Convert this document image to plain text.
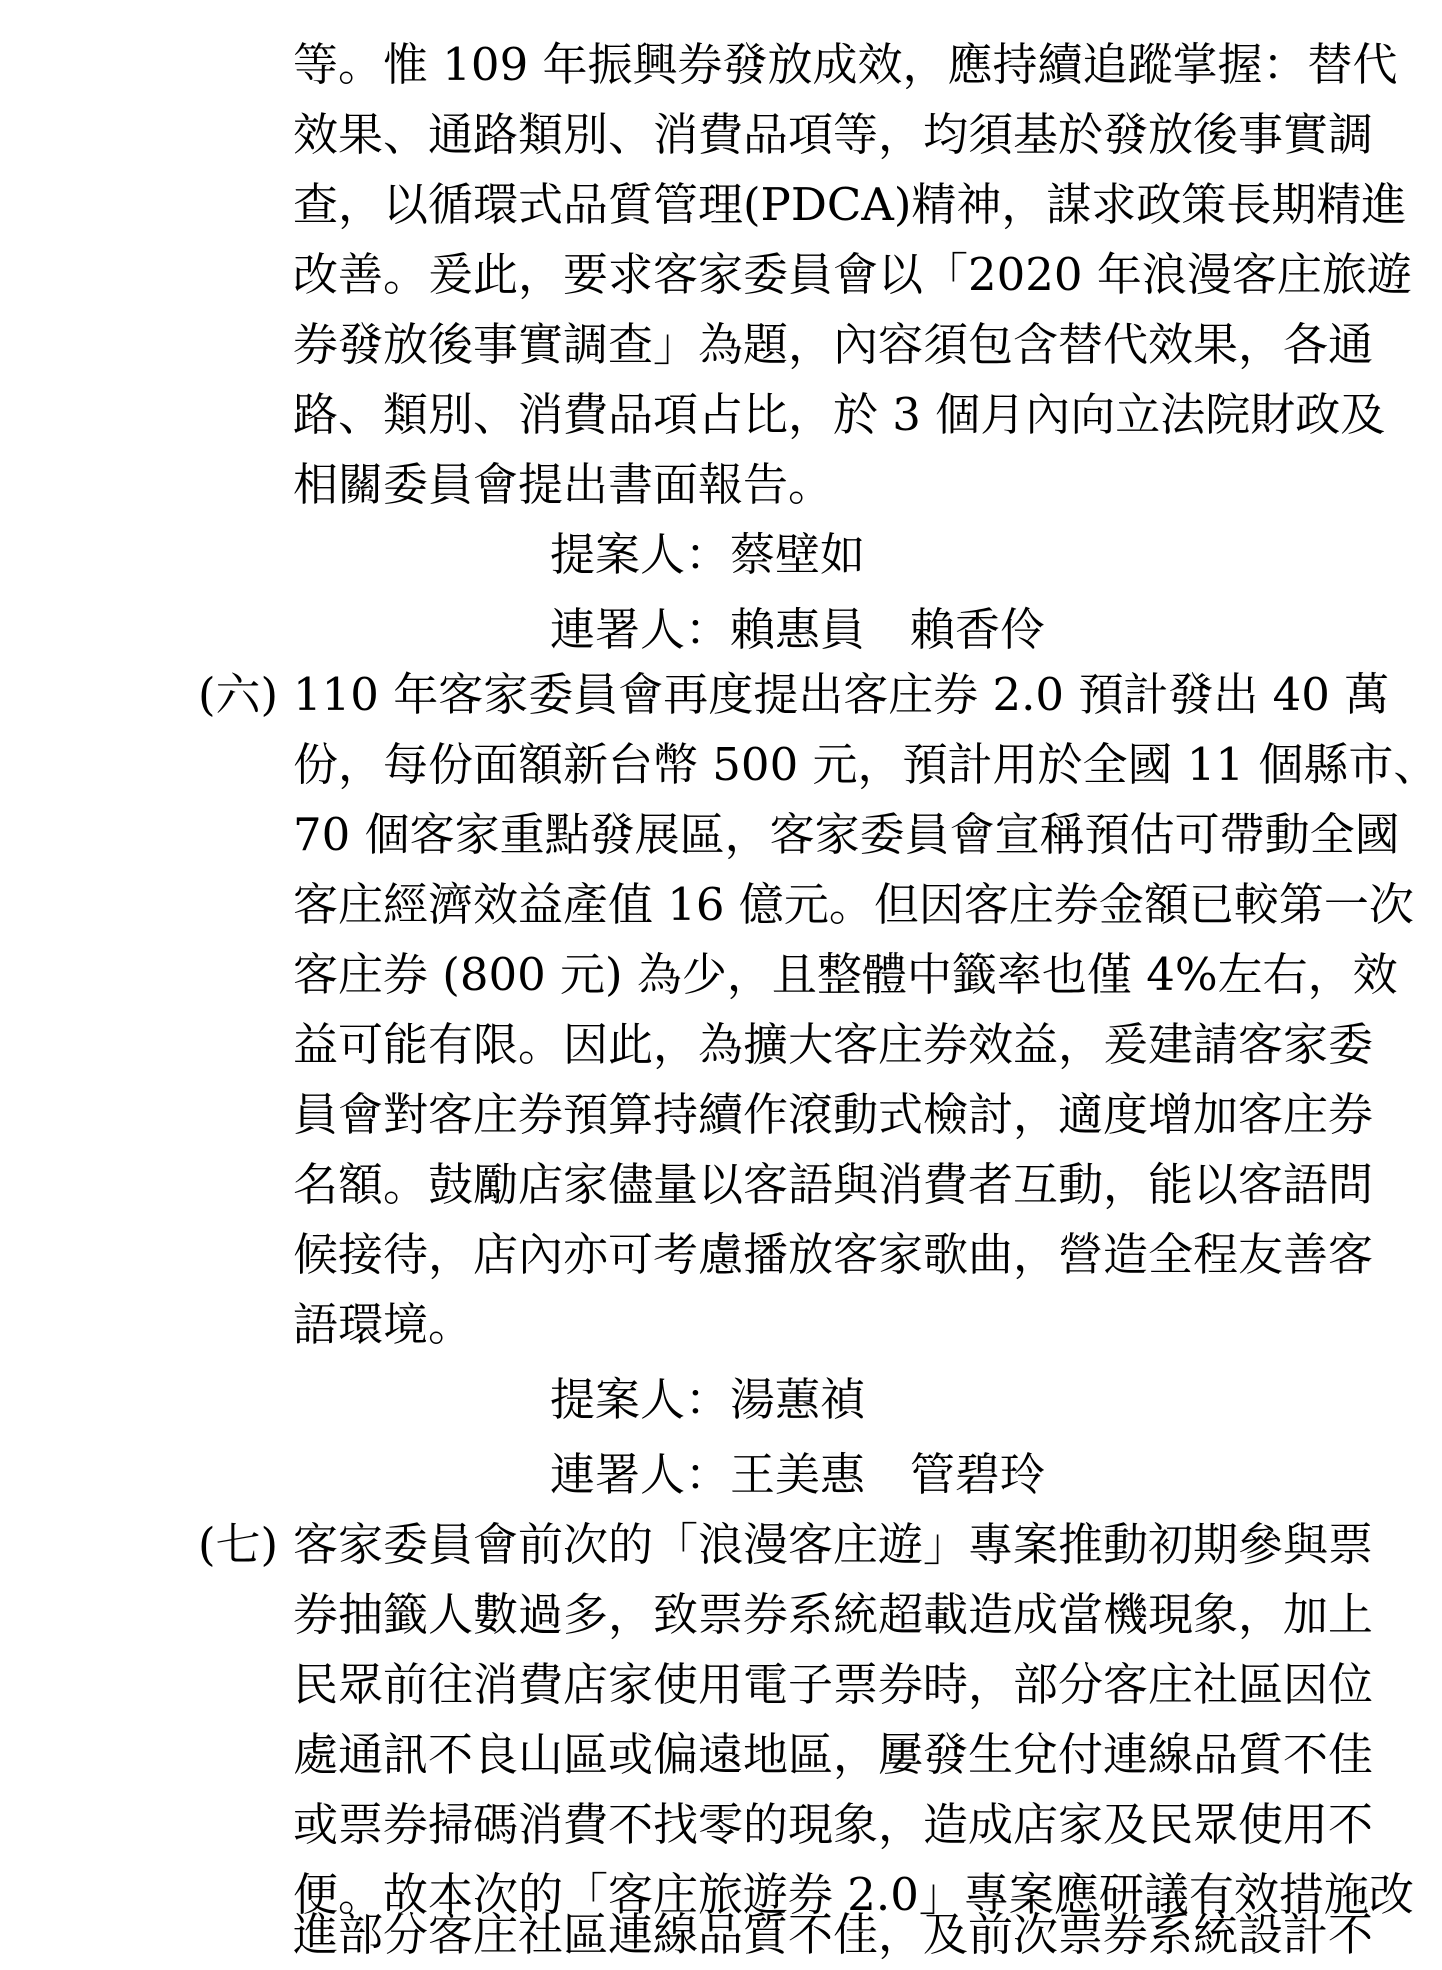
等。惟 109 年振興券發放成效，應持續追蹤掌握：替代
效果、通路類別、消費品項等，均須基於發放後事實調
查，以循環式品質管理(PDCA)精神，謀求政策長期精進
改善。爰此，要求客家委員會以「2020 年浪漫客庄旅遊
券發放後事實調查」為題，內容須包含替代效果，各通
路、類別、消費品項占比，於 3 個月內向立法院財政及
相關委員會提出書面報告。
提案人：蔡壁如
連署人：賴惠員　賴香伶
(六) 110 年客家委員會再度提出客庄券 2.0 預計發出 40 萬
份，每份面額新台幣 500 元，預計用於全國 11 個縣市、
70 個客家重點發展區，客家委員會宣稱預估可帶動全國
客庄經濟效益產值 16 億元。但因客庄券金額已較第一次
客庄券 (800 元) 為少，且整體中籤率也僅 4%左右，效
益可能有限。因此，為擴大客庄券效益，爰建請客家委
員會對客庄券預算持續作滾動式檢討，適度增加客庄券
名額。鼓勵店家儘量以客語與消費者互動，能以客語問
候接待，店內亦可考慮播放客家歌曲，營造全程友善客
語環境。
提案人：湯蕙禎
連署人：王美惠　管碧玲
(七) 客家委員會前次的「浪漫客庄遊」專案推動初期參與票
券抽籤人數過多，致票券系統超載造成當機現象，加上
民眾前往消費店家使用電子票券時，部分客庄社區因位
處通訊不良山區或偏遠地區，屢發生兌付連線品質不佳
或票券掃碼消費不找零的現象，造成店家及民眾使用不
便。故本次的「客庄旅遊券 2.0」專案應研議有效措施改
進部分客庄社區連線品質不佳，及前次票券系統設計不
